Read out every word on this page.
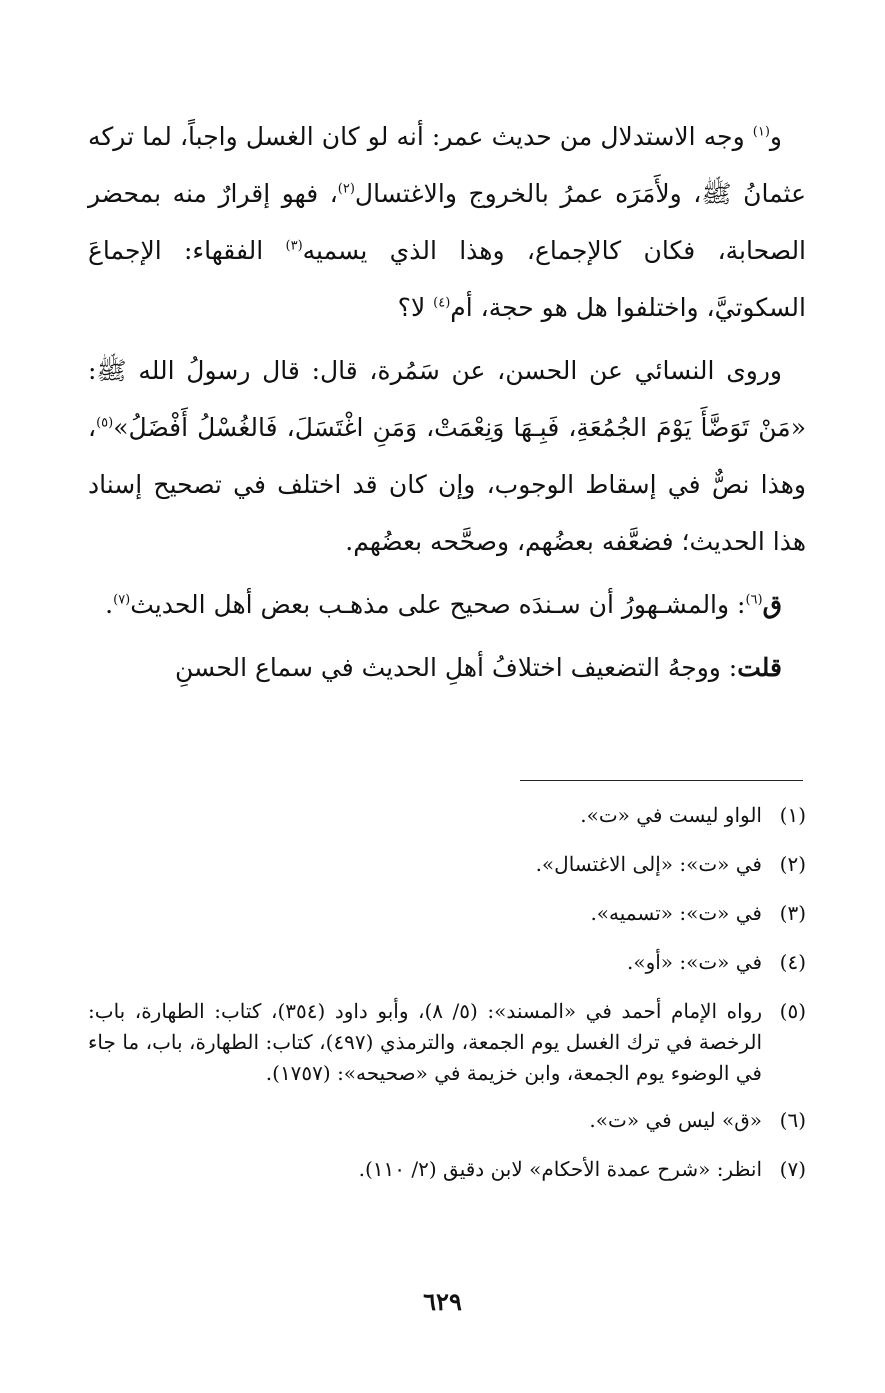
و$^{(١)}$ وجه الاستدلال من حديث عمر: أنه لو كان الغسل واجباً، لما تركه عثمانُ ﷺ، ولأَمَرَه عمرُ بالخروج والاغتسال$^{(٢)}$، فهو إقرارٌ منه بمحضر الصحابة، فكان كالإجماع، وهذا الذي يسميه$^{(٣)}$ الفقهاء: الإجماعَ السكوتيَّ، واختلفوا هل هو حجة، أم$^{(٤)}$ لا؟

وروى النسائي عن الحسن، عن سَمُرة، قال: قال رسولُ الله ﷺ: «مَنْ تَوَضَّأَ يَوْمَ الجُمُعَةِ، فَبِـهَا وَنِعْمَتْ، وَمَنِ اغْتَسَلَ، فَالغُسْلُ أَفْضَلُ»$^{(٥)}$، وهذا نصٌّ في إسقاط الوجوب، وإن كان قد اختلف في تصحيح إسناد هذا الحديث؛ فضعَّفه بعضُهم، وصحَّحه بعضُهم.

ق$^{(٦)}$: والمشـهورُ أن سـندَه صحيح على مذهـب بعض أهل الحديث$^{(٧)}$.

قلت: ووجهُ التضعيف اختلافُ أهلِ الحديث في سماع الحسنِ

(١)
الواو ليست في «ت».
(٢)
في «ت»: «إلى الاغتسال».
(٣)
في «ت»: «تسميه».
(٤)
في «ت»: «أو».
(٥)
رواه الإمام أحمد في «المسند»: (٥/ ٨)، وأبو داود (٣٥٤)، كتاب: الطهارة، باب: الرخصة في ترك الغسل يوم الجمعة، والترمذي (٤٩٧)، كتاب: الطهارة، باب، ما جاء في الوضوء يوم الجمعة، وابن خزيمة في «صحيحه»: (١٧٥٧).
(٦)
«ق» ليس في «ت».
(٧)
انظر: «شرح عمدة الأحكام» لابن دقيق (٢/ ١١٠).
٦٢٩
